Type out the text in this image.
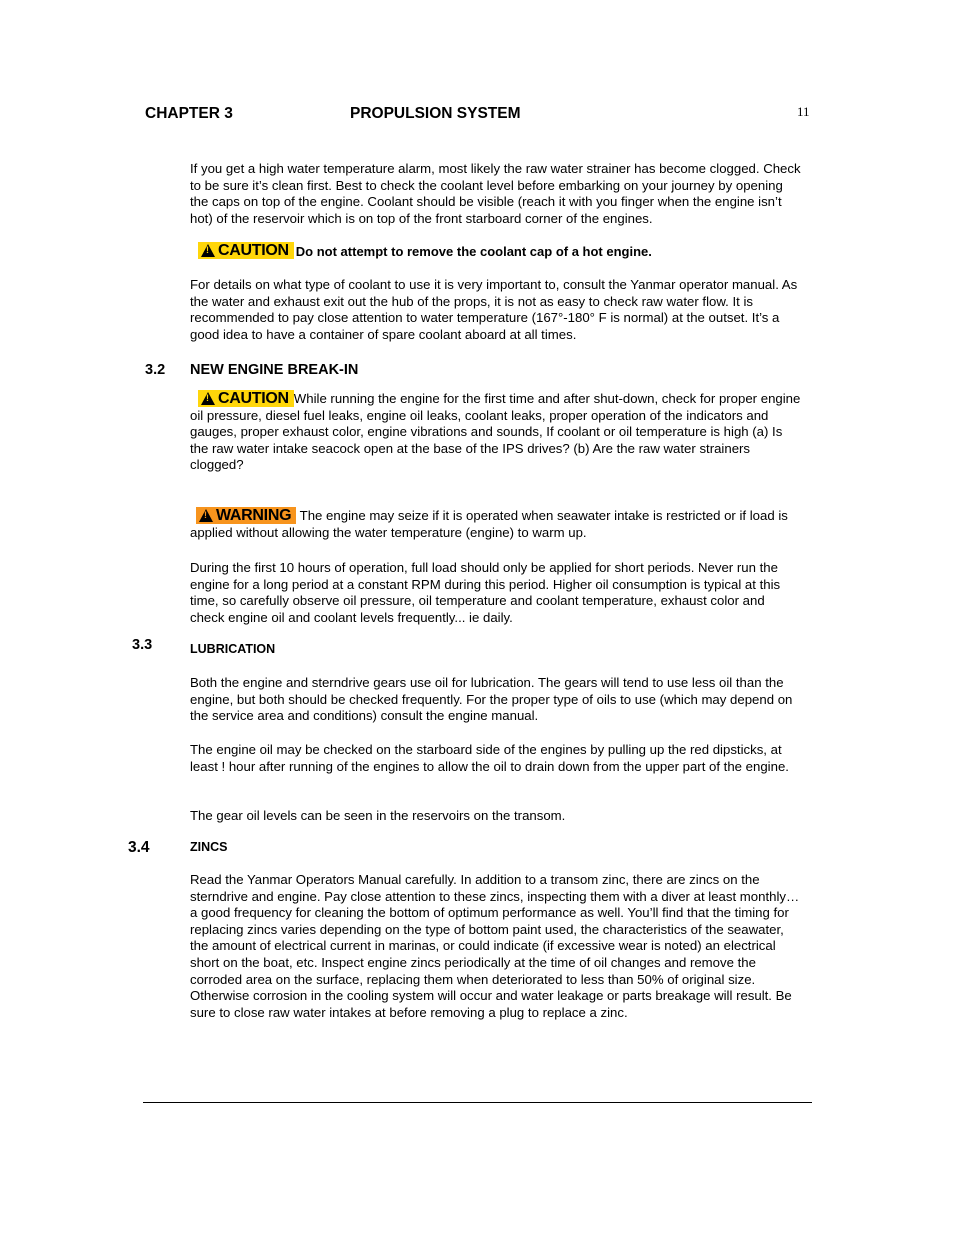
CHAPTER 3	PROPULSION SYSTEM	11

If you get a high water temperature alarm, most likely the raw water strainer has become clogged. Check to be sure it’s clean first. Best to check the coolant level before embarking on your journey by opening the caps on top of the engine. Coolant should be visible (reach it with you finger when the engine isn’t hot) of the reservoir which is on top of the front starboard corner of the engines.

!
CAUTION Do not attempt to remove the coolant cap of a hot engine.

For details on what type of coolant to use it is very important to, consult the Yanmar operator manual. As the water and exhaust exit out the hub of the props, it is not as easy to check raw water flow. It is recommended to pay close attention to water temperature (167°-180° F is normal) at the outset. It’s a good idea to have a container of spare coolant aboard at all times.

3.2 NEW ENGINE BREAK-IN

!
CAUTION While running the engine for the first time and after shut-down, check for proper engine oil pressure, diesel fuel leaks, engine oil leaks, coolant leaks, proper operation of the indicators and gauges, proper exhaust color, engine vibrations and sounds, If coolant or oil temperature is high (a) Is the raw water intake seacock open at the base of the IPS drives? (b) Are the raw water strainers clogged?

!
WARNING The engine may seize if it is operated when seawater intake is restricted or if load is applied without allowing the water temperature (engine) to warm up.

During the first 10 hours of operation, full load should only be applied for short periods. Never run the engine for a long period at a constant RPM during this period. Higher oil consumption is typical at this time, so carefully observe oil pressure, oil temperature and coolant temperature, exhaust color and check engine oil and coolant levels frequently... ie daily.

3.3	LUBRICATION

Both the engine and sterndrive gears use oil for lubrication. The gears will tend to use less oil than the engine, but both should be checked frequently. For the proper type of oils to use (which may depend on the service area and conditions) consult the engine manual.

The engine oil may be checked on the starboard side of the engines by pulling up the red dipsticks, at least ! hour after running of the engines to allow the oil to drain down from the upper part of the engine.

The gear oil levels can be seen in the reservoirs on the transom.

3.4	ZINCS

Read the Yanmar Operators Manual carefully. In addition to a transom zinc, there are zincs on the sterndrive and engine. Pay close attention to these zincs, inspecting them with a diver at least monthly…a good frequency for cleaning the bottom of optimum performance as well. You’ll find that the timing for replacing zincs varies depending on the type of bottom paint used, the characteristics of the seawater, the amount of electrical current in marinas, or could indicate (if excessive wear is noted) an electrical short on the boat, etc. Inspect engine zincs periodically at the time of oil changes and remove the corroded area on the surface, replacing them when deteriorated to less than 50% of original size. Otherwise corrosion in the cooling system will occur and water leakage or parts breakage will result. Be sure to close raw water intakes at before removing a plug to replace a zinc.
